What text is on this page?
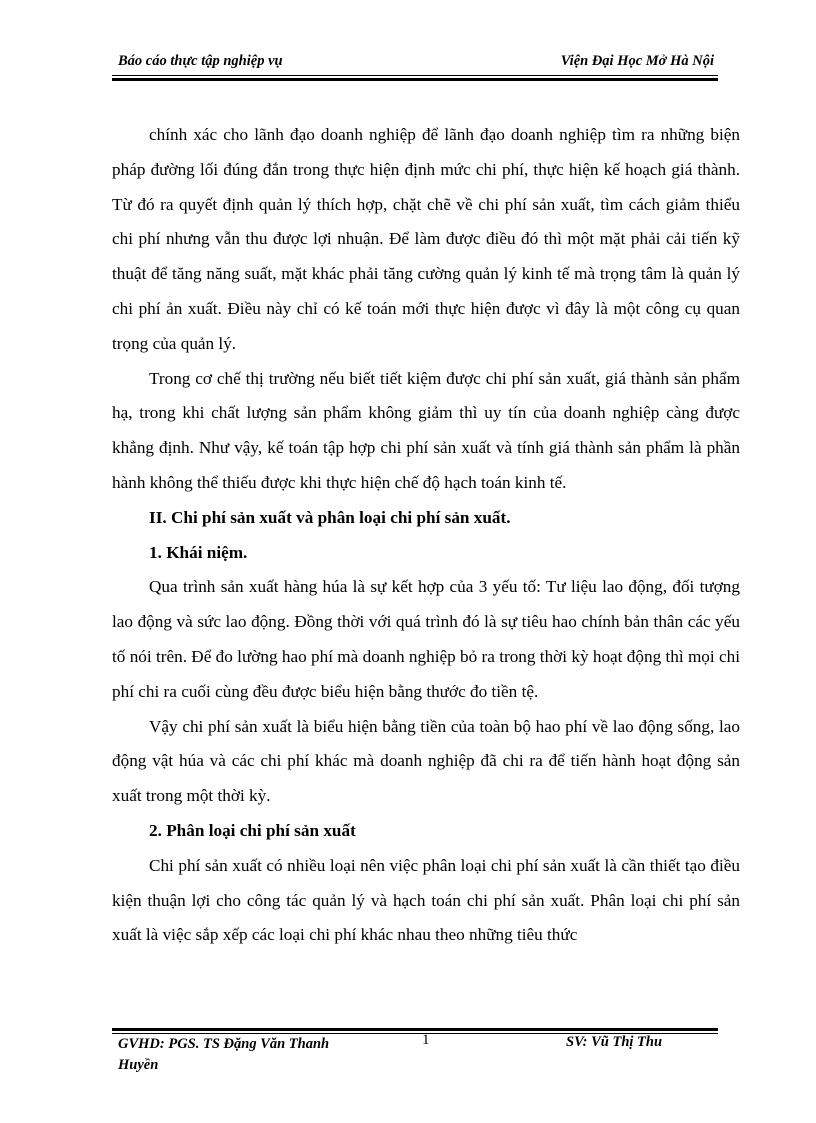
Báo cáo thực tập nghiệp vụ	Viện Đại Học Mở Hà Nội

chính xác cho lãnh đạo doanh nghiệp để lãnh đạo doanh nghiệp tìm ra những biện pháp đường lối đúng đắn trong thực hiện định mức chi phí, thực hiện kế hoạch giá thành. Từ đó ra quyết định quản lý thích hợp, chặt chẽ về chi phí sản xuất, tìm cách giảm thiểu chi phí nhưng vẫn thu được lợi nhuận. Để làm được điều đó thì một mặt phải cải tiến kỹ thuật để tăng năng suất, mặt khác phải tăng cường quản lý kinh tế mà trọng tâm là quản lý chi phí ản xuất. Điều này chỉ có kế toán mới thực hiện được vì đây là một công cụ quan trọng của quản lý.

Trong cơ chế thị trường nếu biết tiết kiệm được chi phí sản xuất, giá thành sản phẩm hạ, trong khi chất lượng sản phẩm không giảm thì uy tín của doanh nghiệp càng được khẳng định. Như vậy, kế toán tập hợp chi phí sản xuất và tính giá thành sản phẩm là phần hành không thể thiếu được khi thực hiện chế độ hạch toán kinh tế.

II. Chi phí sản xuất và phân loại chi phí sản xuất.
1. Khái niệm.

Qua trình sản xuất hàng húa là sự kết hợp của 3 yếu tố: Tư liệu lao động, đối tượng lao động và sức lao động. Đồng thời với quá trình đó là sự tiêu hao chính bản thân các yếu tố nói trên. Để đo lường hao phí mà doanh nghiệp bỏ ra trong thời kỳ hoạt động thì mọi chi phí chi ra cuối cùng đều được biểu hiện bằng thước đo tiền tệ.

Vậy chi phí sản xuất là biểu hiện bằng tiền của toàn bộ hao phí về lao động sống, lao động vật húa và các chi phí khác mà doanh nghiệp đã chi ra để tiến hành hoạt động sản xuất trong một thời kỳ.

2. Phân loại chi phí sản xuất

Chi phí sản xuất có nhiều loại nên việc phân loại chi phí sản xuất là cần thiết tạo điều kiện thuận lợi cho công tác quản lý và hạch toán chi phí sản xuất. Phân loại chi phí sản xuất là việc sắp xếp các loại chi phí khác nhau theo những tiêu thức

GVHD: PGS. TS Đặng Văn Thanh Huyền
1	SV: Vũ Thị Thu
